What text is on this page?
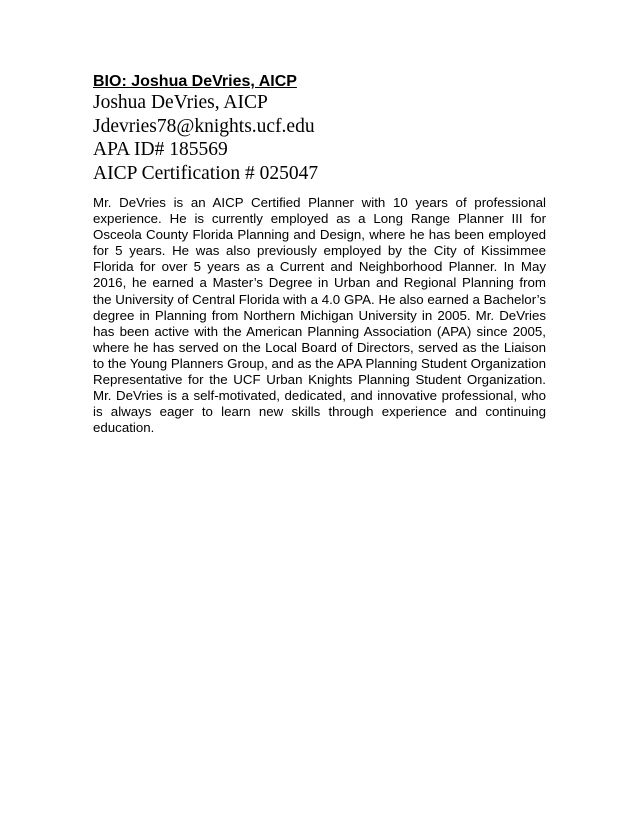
BIO: Joshua DeVries, AICP

Joshua DeVries, AICP

Jdevries78@knights.ucf.edu

APA ID# 185569

AICP Certification # 025047

Mr. DeVries is an AICP Certified Planner with 10 years of professional experience. He is currently employed as a Long Range Planner III for Osceola County Florida Planning and Design, where he has been employed for 5 years. He was also previously employed by the City of Kissimmee Florida for over 5 years as a Current and Neighborhood Planner. In May 2016, he earned a Master’s Degree in Urban and Regional Planning from the University of Central Florida with a 4.0 GPA. He also earned a Bachelor’s degree in Planning from Northern Michigan University in 2005. Mr. DeVries has been active with the American Planning Association (APA) since 2005, where he has served on the Local Board of Directors, served as the Liaison to the Young Planners Group, and as the APA Planning Student Organization Representative for the UCF Urban Knights Planning Student Organization. Mr. DeVries is a self-motivated, dedicated, and innovative professional, who is always eager to learn new skills through experience and continuing education.
